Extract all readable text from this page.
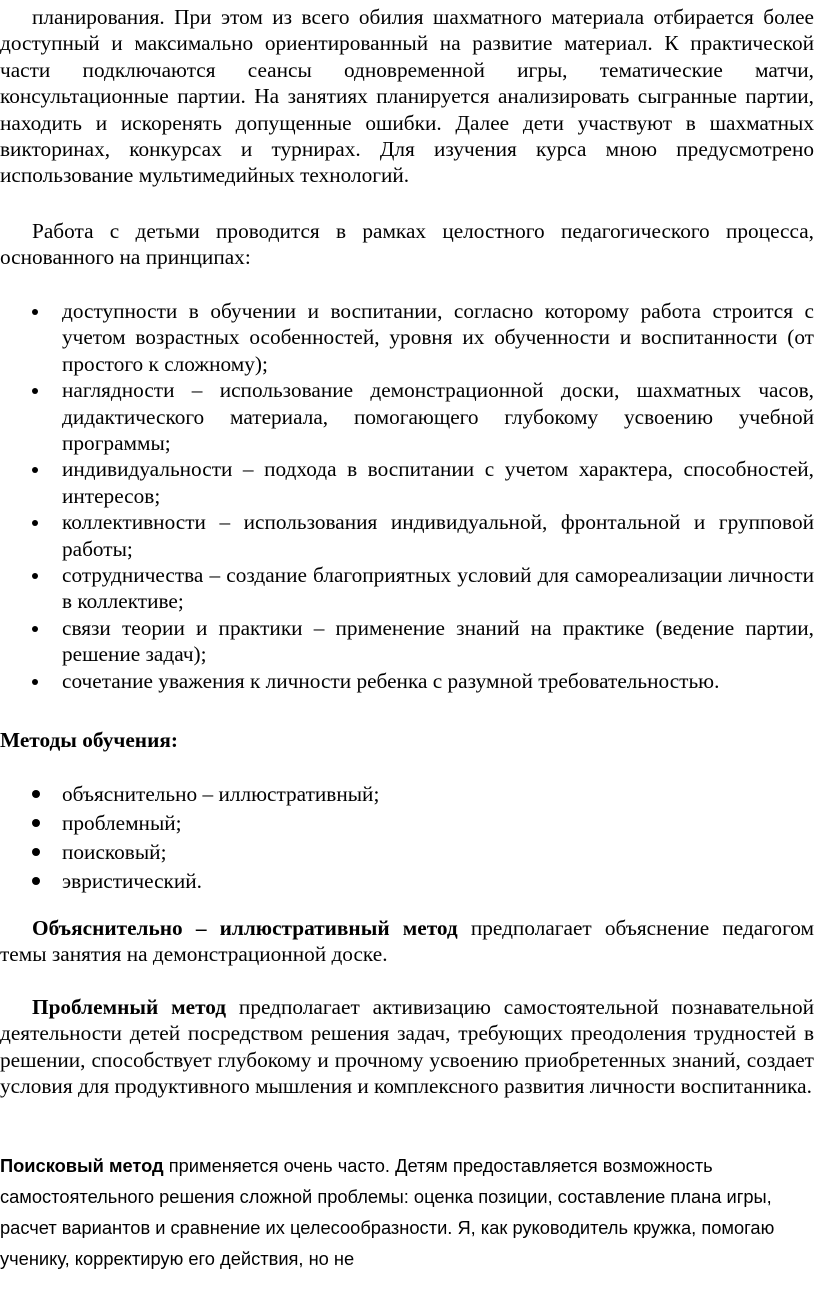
планирования. При этом из всего обилия шахматного материала отбирается более доступный и максимально ориентированный на развитие материал. К практической части подключаются сеансы одновременной игры, тематические матчи, консультационные партии. На занятиях планируется анализировать сыгранные партии, находить и искоренять допущенные ошибки. Далее дети участвуют в шахматных викторинах, конкурсах и турнирах. Для изучения курса мною предусмотрено использование мультимедийных технологий.

Работа с детьми проводится в рамках целостного педагогического процесса, основанного на принципах:

доступности в обучении и воспитании, согласно которому работа строится с учетом возрастных особенностей, уровня их обученности и воспитанности (от простого к сложному);
наглядности – использование демонстрационной доски, шахматных часов, дидактического материала, помогающего глубокому усвоению учебной программы;
индивидуальности – подхода в воспитании с учетом характера, способностей, интересов;
коллективности – использования индивидуальной, фронтальной и групповой работы;
сотрудничества – создание благоприятных условий для самореализации личности в коллективе;
связи теории и практики – применение знаний на практике (ведение партии, решение задач);
сочетание уважения к личности ребенка с разумной требовательностью.

Методы обучения:

объяснительно – иллюстративный;
проблемный;
поисковый;
эвристический.

Объяснительно – иллюстративный метод предполагает объяснение педагогом темы занятия на демонстрационной доске.

Проблемный метод предполагает активизацию самостоятельной познавательной деятельности детей посредством решения задач, требующих преодоления трудностей в решении, способствует глубокому и прочному усвоению приобретенных знаний, создает условия для продуктивного мышления и комплексного развития личности воспитанника.

Поисковый метод применяется очень часто. Детям предоставляется возможность самостоятельного решения сложной проблемы: оценка позиции, составление плана игры, расчет вариантов и сравнение их целесообразности. Я, как руководитель кружка, помогаю ученику, корректирую его действия, но не
